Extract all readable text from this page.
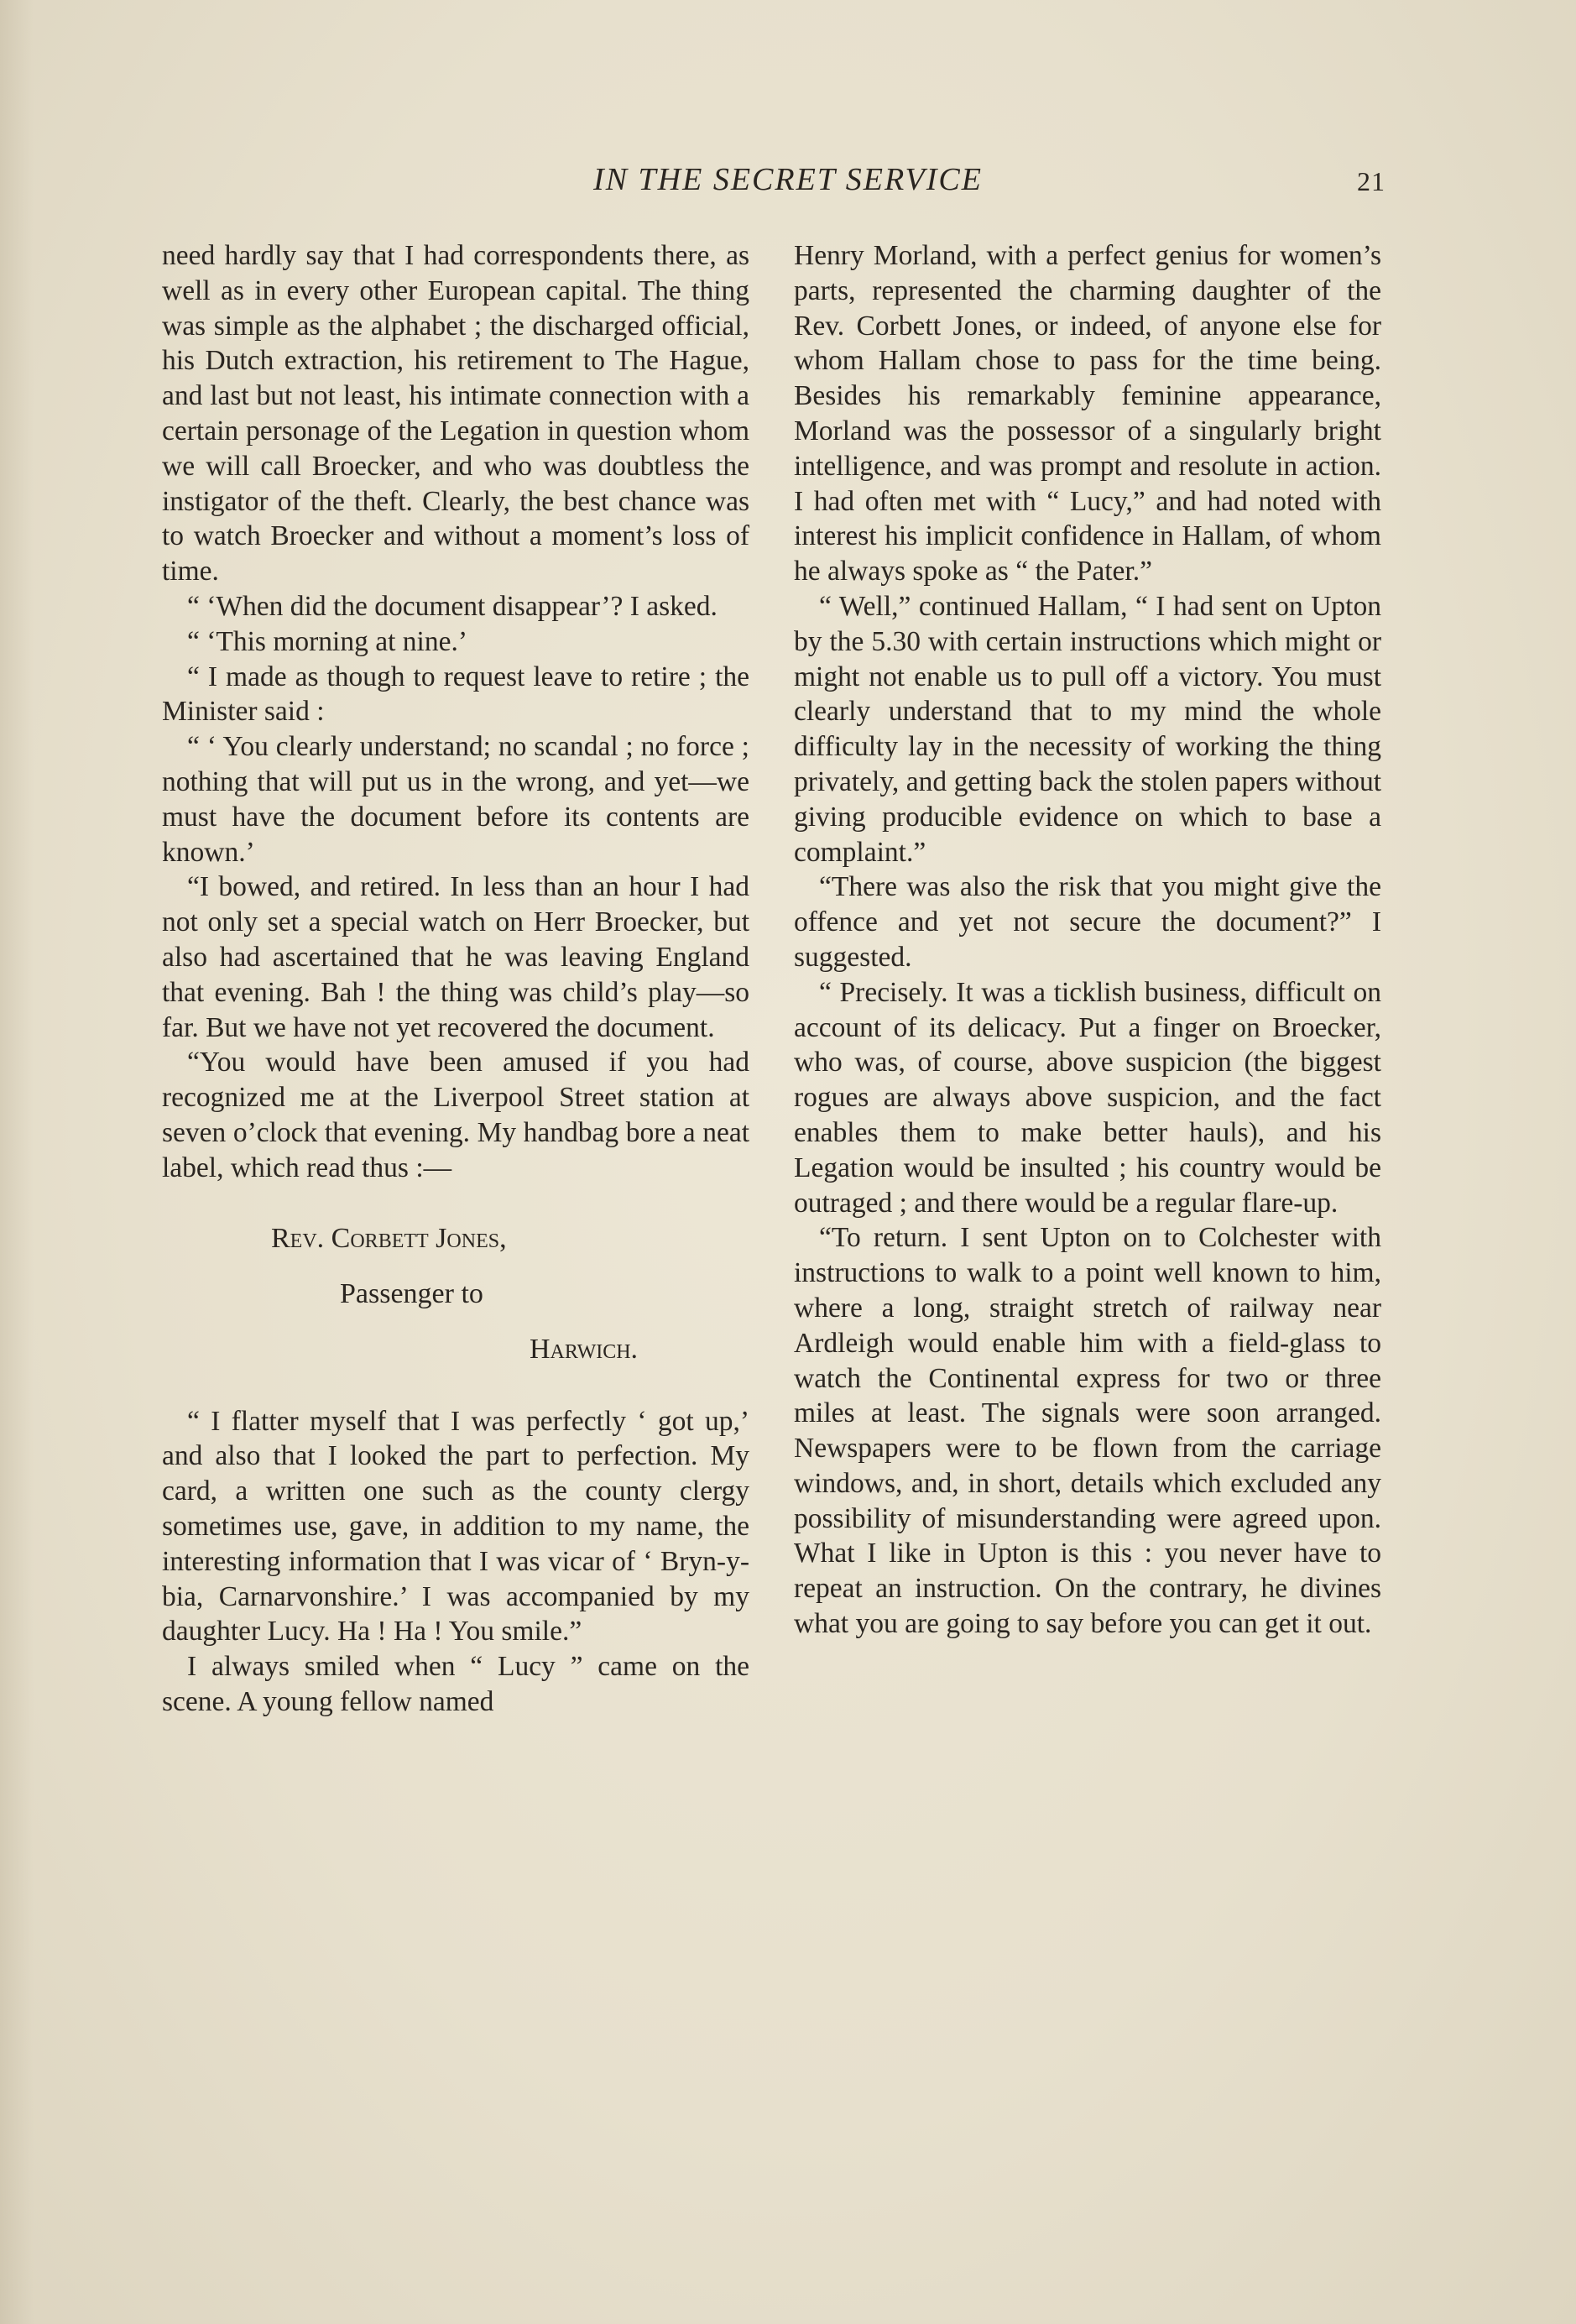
IN THE SECRET SERVICE	21

need hardly say that I had correspondents there, as well as in every other European capital. The thing was simple as the alphabet ; the discharged official, his Dutch extraction, his retirement to The Hague, and last but not least, his intimate connection with a certain personage of the Legation in question whom we will call Broecker, and who was doubtless the instigator of the theft. Clearly, the best chance was to watch Broecker and without a moment’s loss of time.

“ ‘When did the document disappear’? I asked.

“ ‘This morning at nine.’

“ I made as though to request leave to retire ; the Minister said :

“ ‘ You clearly understand; no scandal ; no force ; nothing that will put us in the wrong, and yet—we must have the document before its contents are known.’

“I bowed, and retired. In less than an hour I had not only set a special watch on Herr Broecker, but also had ascertained that he was leaving England that evening. Bah ! the thing was child’s play—so far. But we have not yet recovered the document.

“You would have been amused if you had recognized me at the Liverpool Street station at seven o’clock that evening. My handbag bore a neat label, which read thus :—

Rev. Corbett Jones,
Passenger to
Harwich.

“ I flatter myself that I was perfectly ‘ got up,’ and also that I looked the part to perfection. My card, a written one such as the county clergy sometimes use, gave, in addition to my name, the interesting information that I was vicar of ‘ Bryn-y-bia, Carnarvonshire.’ I was accompanied by my daughter Lucy. Ha ! Ha ! You smile.”

I always smiled when “ Lucy ” came on the scene. A young fellow named

Henry Morland, with a perfect genius for women’s parts, represented the charming daughter of the Rev. Corbett Jones, or indeed, of anyone else for whom Hallam chose to pass for the time being. Besides his remarkably feminine appearance, Morland was the possessor of a singularly bright intelligence, and was prompt and resolute in action. I had often met with “ Lucy,” and had noted with interest his implicit confidence in Hallam, of whom he always spoke as “ the Pater.”

“ Well,” continued Hallam, “ I had sent on Upton by the 5.30 with certain instructions which might or might not enable us to pull off a victory. You must clearly understand that to my mind the whole difficulty lay in the necessity of working the thing privately, and getting back the stolen papers without giving producible evidence on which to base a complaint.”

“There was also the risk that you might give the offence and yet not secure the document?” I suggested.

“ Precisely. It was a ticklish business, difficult on account of its delicacy. Put a finger on Broecker, who was, of course, above suspicion (the biggest rogues are always above suspicion, and the fact enables them to make better hauls), and his Legation would be insulted ; his country would be outraged ; and there would be a regular flare-up.

“To return. I sent Upton on to Colchester with instructions to walk to a point well known to him, where a long, straight stretch of railway near Ardleigh would enable him with a field-glass to watch the Continental express for two or three miles at least. The signals were soon arranged. Newspapers were to be flown from the carriage windows, and, in short, details which excluded any possibility of misunderstanding were agreed upon. What I like in Upton is this : you never have to repeat an instruction. On the contrary, he divines what you are going to say before you can get it out.
